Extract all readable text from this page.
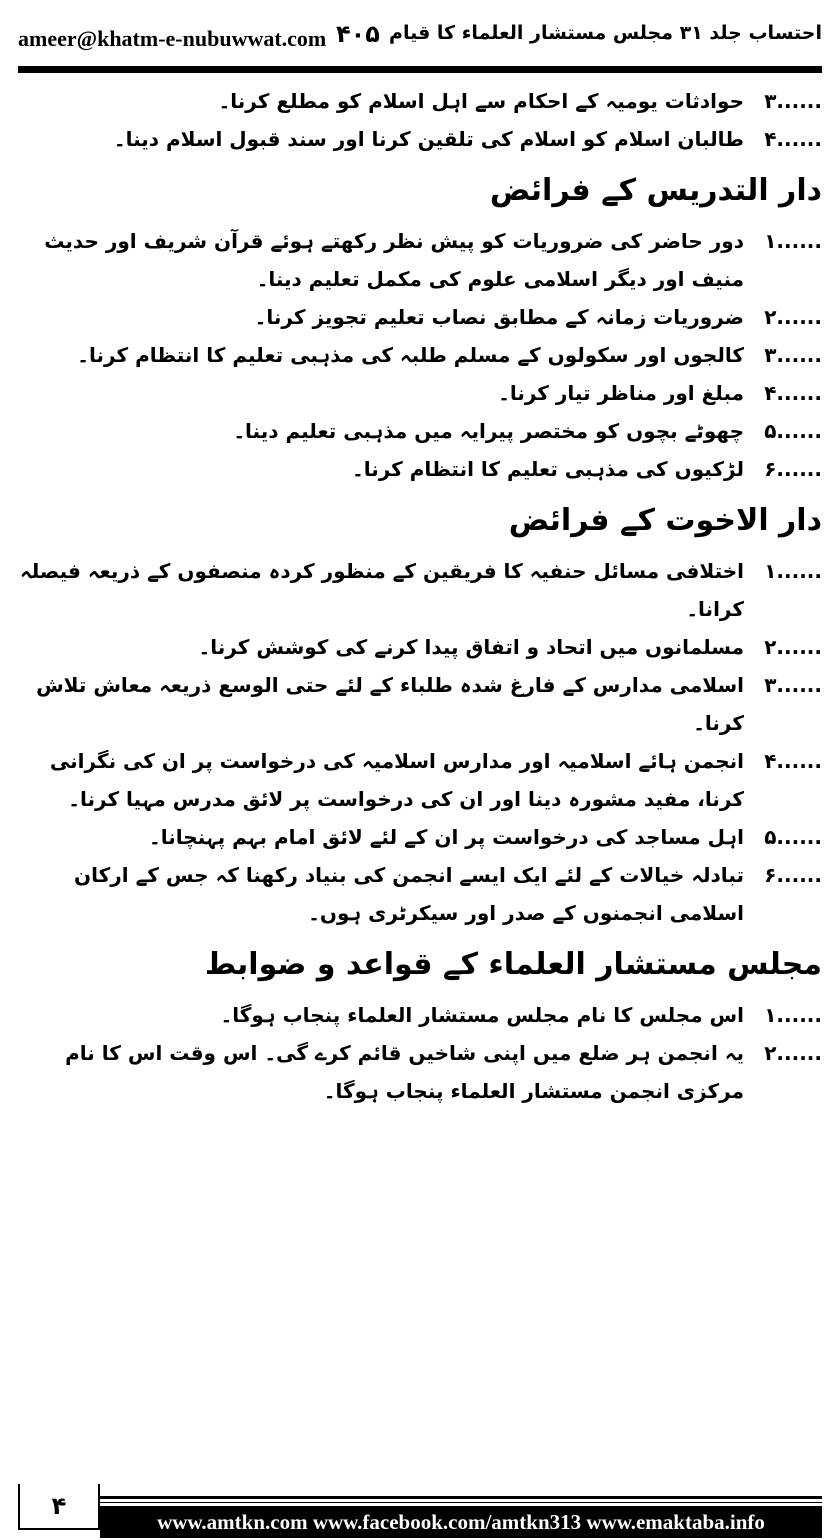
ameer@khatm-e-nubuwwat.com ۴۰۵ احتساب جلد ۳۱ مجلس مستشار العلماء کا قیام
۳......
حوادثات یومیہ کے احکام سے اہل اسلام کو مطلع کرنا۔
۴......
طالبان اسلام کو اسلام کی تلقین کرنا اور سند قبول اسلام دینا۔
دار التدریس کے فرائض
۱......
دور حاضر کی ضروریات کو پیش نظر رکھتے ہوئے قرآن شریف اور حدیث منیف اور دیگر اسلامی علوم کی مکمل تعلیم دینا۔
۲......
ضروریات زمانہ کے مطابق نصاب تعلیم تجویز کرنا۔
۳......
کالجوں اور سکولوں کے مسلم طلبہ کی مذہبی تعلیم کا انتظام کرنا۔
۴......
مبلغ اور مناظر تیار کرنا۔
۵......
چھوٹے بچوں کو مختصر پیرایہ میں مذہبی تعلیم دینا۔
۶......
لڑکیوں کی مذہبی تعلیم کا انتظام کرنا۔
دار الاخوت کے فرائض
۱......
اختلافی مسائل حنفیہ کا فریقین کے منظور کردہ منصفوں کے ذریعہ فیصلہ کرانا۔
۲......
مسلمانوں میں اتحاد و اتفاق پیدا کرنے کی کوشش کرنا۔
۳......
اسلامی مدارس کے فارغ شدہ طلباء کے لئے حتی الوسع ذریعہ معاش تلاش کرنا۔
۴......
انجمن ہائے اسلامیہ اور مدارس اسلامیہ کی درخواست پر ان کی نگرانی کرنا، مفید مشورہ دینا اور ان کی درخواست پر لائق مدرس مہیا کرنا۔
۵......
اہل مساجد کی درخواست پر ان کے لئے لائق امام بہم پہنچانا۔
۶......
تبادلہ خیالات کے لئے ایک ایسے انجمن کی بنیاد رکھنا کہ جس کے ارکان اسلامی انجمنوں کے صدر اور سیکرٹری ہوں۔
مجلس مستشار العلماء کے قواعد و ضوابط
۱......
اس مجلس کا نام مجلس مستشار العلماء پنجاب ہوگا۔
۲......
یہ انجمن ہر ضلع میں اپنی شاخیں قائم کرے گی۔ اس وقت اس کا نام مرکزی انجمن مستشار العلماء پنجاب ہوگا۔
۴
www.amtkn.com www.facebook.com/amtkn313 www.emaktaba.info
